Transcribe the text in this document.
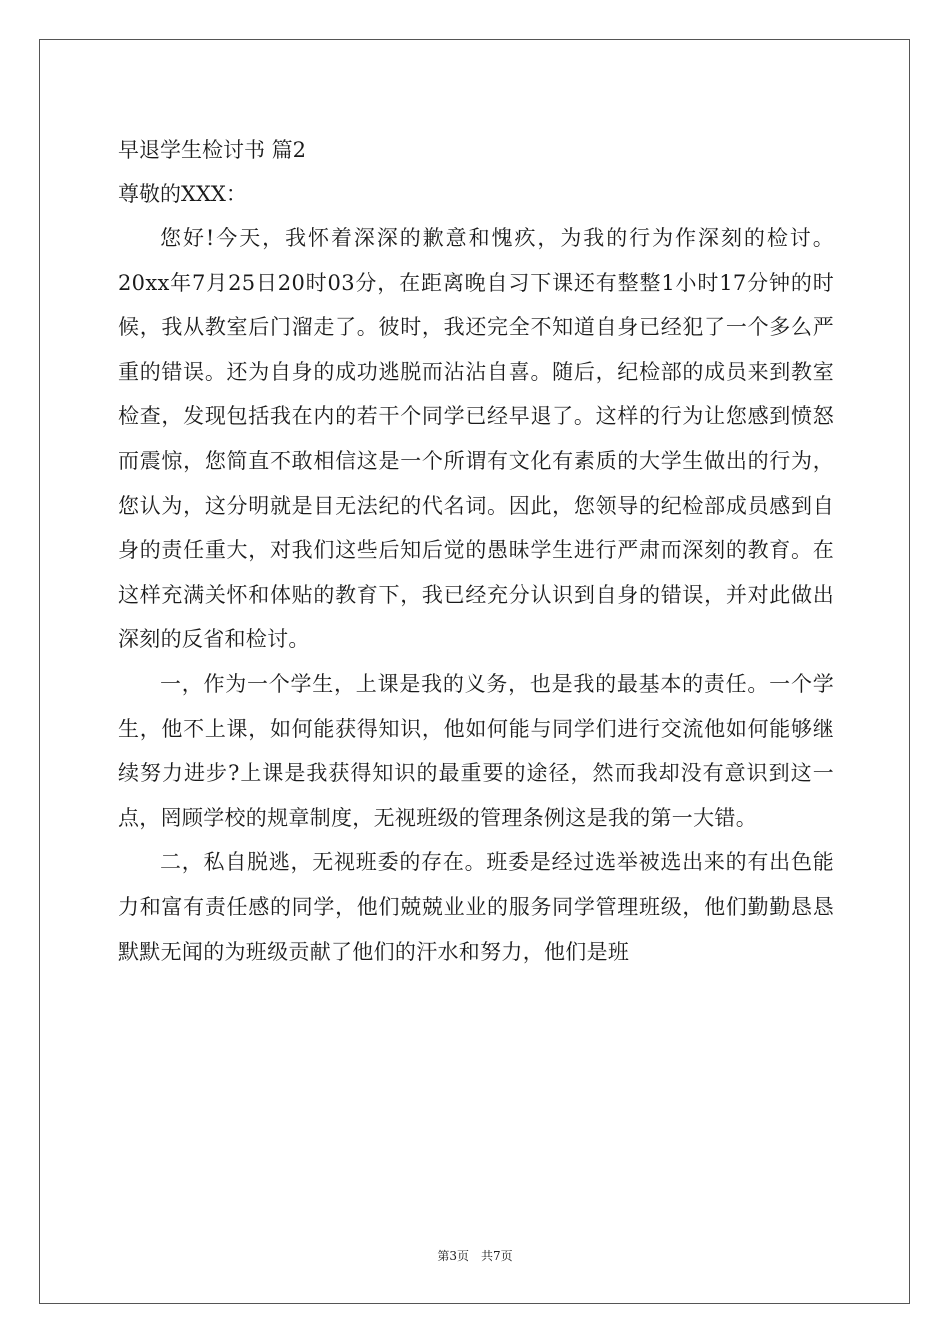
早退学生检讨书 篇2
尊敬的XXX：

您好!今天，我怀着深深的歉意和愧疚，为我的行为作深刻的检讨。20xx年7月25日20时03分，在距离晚自习下课还有整整1小时17分钟的时候，我从教室后门溜走了。彼时，我还完全不知道自身已经犯了一个多么严重的错误。还为自身的成功逃脱而沾沾自喜。随后，纪检部的成员来到教室检查，发现包括我在内的若干个同学已经早退了。这样的行为让您感到愤怒而震惊，您简直不敢相信这是一个所谓有文化有素质的大学生做出的行为，您认为，这分明就是目无法纪的代名词。因此，您领导的纪检部成员感到自身的责任重大，对我们这些后知后觉的愚昧学生进行严肃而深刻的教育。在这样充满关怀和体贴的教育下，我已经充分认识到自身的错误，并对此做出深刻的反省和检讨。

一，作为一个学生，上课是我的义务，也是我的最基本的责任。一个学生，他不上课，如何能获得知识，他如何能与同学们进行交流他如何能够继续努力进步?上课是我获得知识的最重要的途径，然而我却没有意识到这一点，罔顾学校的规章制度，无视班级的管理条例这是我的第一大错。

二，私自脱逃，无视班委的存在。班委是经过选举被选出来的有出色能力和富有责任感的同学，他们兢兢业业的服务同学管理班级，他们勤勤恳恳默默无闻的为班级贡献了他们的汗水和努力，他们是班

第3页　共7页
